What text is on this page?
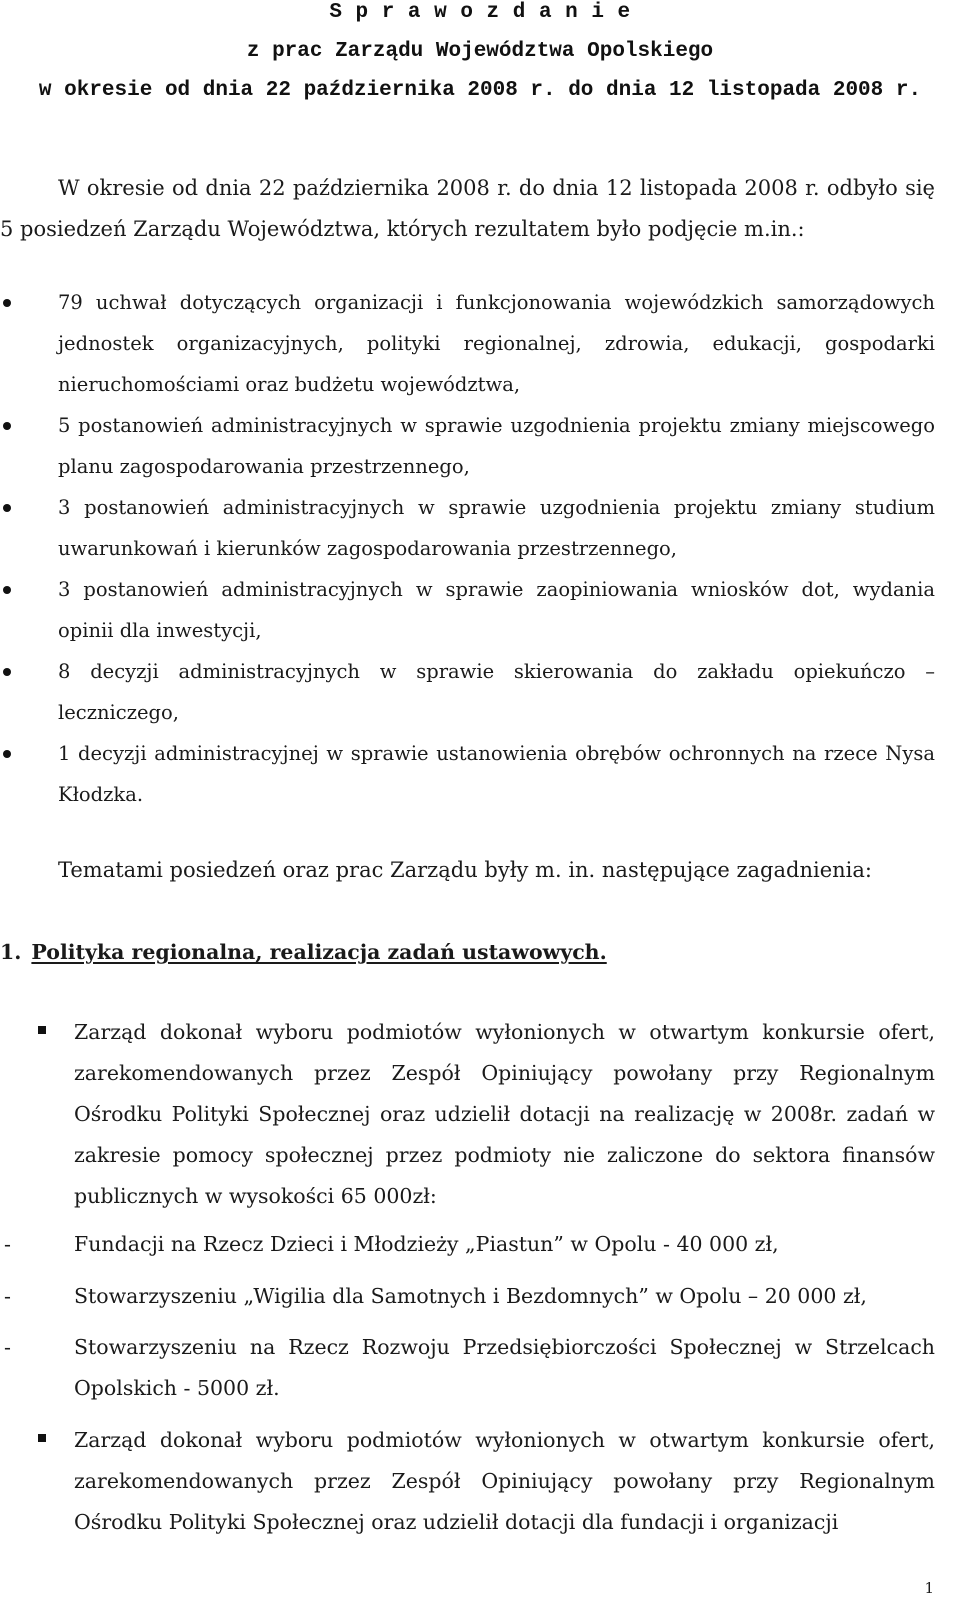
S p r a w o z d a n i e
z prac Zarządu Województwa Opolskiego
w okresie od dnia 22 października 2008 r. do dnia 12 listopada 2008 r.
W okresie od dnia 22 października 2008 r. do dnia 12 listopada 2008 r. odbyło się 5 posiedzeń Zarządu Województwa, których rezultatem było podjęcie m.in.:
79 uchwał dotyczących organizacji i funkcjonowania wojewódzkich samorządowych jednostek organizacyjnych, polityki regionalnej, zdrowia, edukacji, gospodarki nieruchomościami oraz budżetu województwa,
5 postanowień administracyjnych w sprawie uzgodnienia projektu zmiany miejscowego planu zagospodarowania przestrzennego,
3 postanowień administracyjnych w sprawie uzgodnienia projektu zmiany studium uwarunkowań i kierunków zagospodarowania przestrzennego,
3 postanowień administracyjnych w sprawie zaopiniowania wniosków dot, wydania opinii dla inwestycji,
8 decyzji administracyjnych w sprawie skierowania do zakładu opiekuńczo – leczniczego,
1 decyzji administracyjnej w sprawie ustanowienia obrębów ochronnych na rzece Nysa Kłodzka.
Tematami posiedzeń oraz prac Zarządu były m. in. następujące zagadnienia:
1. Polityka regionalna, realizacja zadań ustawowych.
Zarząd dokonał wyboru podmiotów wyłonionych w otwartym konkursie ofert, zarekomendowanych przez Zespół Opiniujący powołany przy Regionalnym Ośrodku Polityki Społecznej oraz udzielił dotacji na realizację w 2008r. zadań w zakresie pomocy społecznej przez podmioty nie zaliczone do sektora finansów publicznych w wysokości 65 000zł:
-	Fundacji na Rzecz Dzieci i Młodzieży „Piastun” w Opolu - 40 000 zł,
-	Stowarzyszeniu „Wigilia dla Samotnych i Bezdomnych” w Opolu – 20 000 zł,
-	Stowarzyszeniu na Rzecz Rozwoju Przedsiębiorczości Społecznej w Strzelcach Opolskich - 5000 zł.
Zarząd dokonał wyboru podmiotów wyłonionych w otwartym konkursie ofert, zarekomendowanych przez Zespół Opiniujący powołany przy Regionalnym Ośrodku Polityki Społecznej oraz udzielił dotacji dla fundacji i organizacji
1
